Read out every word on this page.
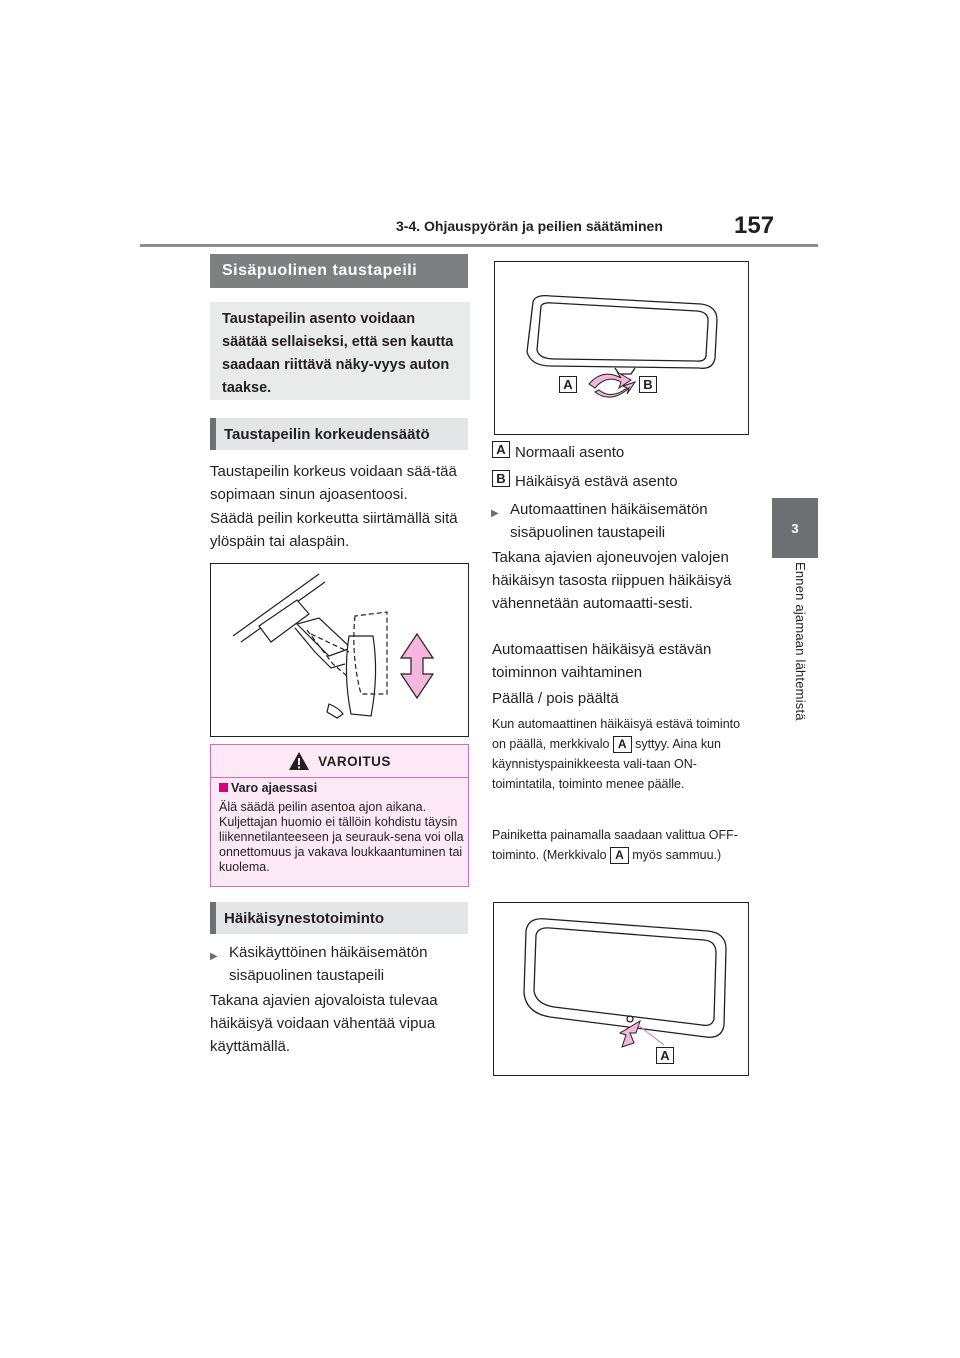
3-4. Ohjauspyörän ja peilien säätäminen	157
3
Ennen ajamaan lähtemistä
Sisäpuolinen taustapeili
Taustapeilin asento voidaan säätää sellaiseksi, että sen kautta saadaan riittävä näky-vyys auton taakse.
Taustapeilin korkeudensäätö
Taustapeilin korkeus voidaan sää-tää sopimaan sinun ajoasentoosi.
Säädä peilin korkeutta siirtämällä sitä ylöspäin tai alaspäin.
VAROITUS
Varo ajaessasi
Älä säädä peilin asentoa ajon aikana. Kuljettajan huomio ei tällöin kohdistu täysin liikennetilanteeseen ja seurauk-sena voi olla onnettomuus ja vakava loukkaantuminen tai kuolema.
Häikäisynestotoiminto
▶ Käsikäyttöinen häikäisemätön sisäpuolinen taustapeili
Takana ajavien ajovaloista tulevaa häikäisyä voidaan vähentää vipua käyttämällä.
A	B
A Normaali asento
B Häikäisyä estävä asento
▶ Automaattinen häikäisemätön sisäpuolinen taustapeili
Takana ajavien ajoneuvojen valojen häikäisyn tasosta riippuen häikäisyä vähennetään automaatti-sesti.
Automaattisen häikäisyä estävän toiminnon vaihtaminen
Päällä / pois päältä
Kun automaattinen häikäisyä estävä toiminto on päällä, merkkivalo A syttyy. Aina kun käynnistyspainikkeesta vali-taan ON-toimintatila, toiminto menee päälle.
Painiketta painamalla saadaan valittua OFF-toiminto. (Merkkivalo A myös sammuu.)
A
